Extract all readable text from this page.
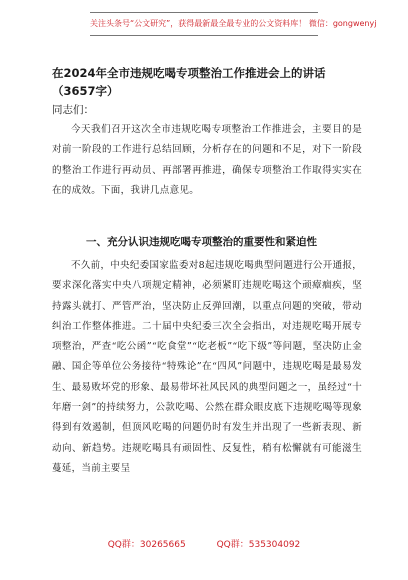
关注头条号“公文研究”，获得最新最全最专业的公文资料库！ 微信：gongwenyj
在2024年全市违规吃喝专项整治工作推进会上的讲话
（3657字）
同志们：
今天我们召开这次全市违规吃喝专项整治工作推进会，主要目的是对前一阶段的工作进行总结回顾，分析存在的问题和不足，对下一阶段的整治工作进行再动员、再部署再推进，确保专项整治工作取得实实在在的成效。下面，我讲几点意见。
一、充分认识违规吃喝专项整治的重要性和紧迫性
不久前，中央纪委国家监委对8起违规吃喝典型问题进行公开通报，要求深化落实中央八项规定精神，必须紧盯违规吃喝这个顽瘴痼疾，坚持露头就打、严管严治，坚决防止反弹回潮，以重点问题的突破，带动纠治工作整体推进。二十届中央纪委三次全会指出，对违规吃喝开展专项整治，严查“吃公函”“吃食堂”“吃老板”“吃下级”等问题，坚决防止金融、国企等单位公务接待“特殊论”在“四风”问题中，违规吃喝是最易发生、最易败坏党的形象、最易带坏社风民风的典型问题之一，虽经过“十年磨一剑”的持续努力，公款吃喝、公然在群众眼皮底下违规吃喝等现象得到有效遏制，但顶风吃喝的问题仍时有发生并出现了一些新表现、新动向、新趋势。违规吃喝具有顽固性、反复性，稍有松懈就有可能滋生蔓延，当前主要呈
QQ群：30265665	QQ群：535304092
